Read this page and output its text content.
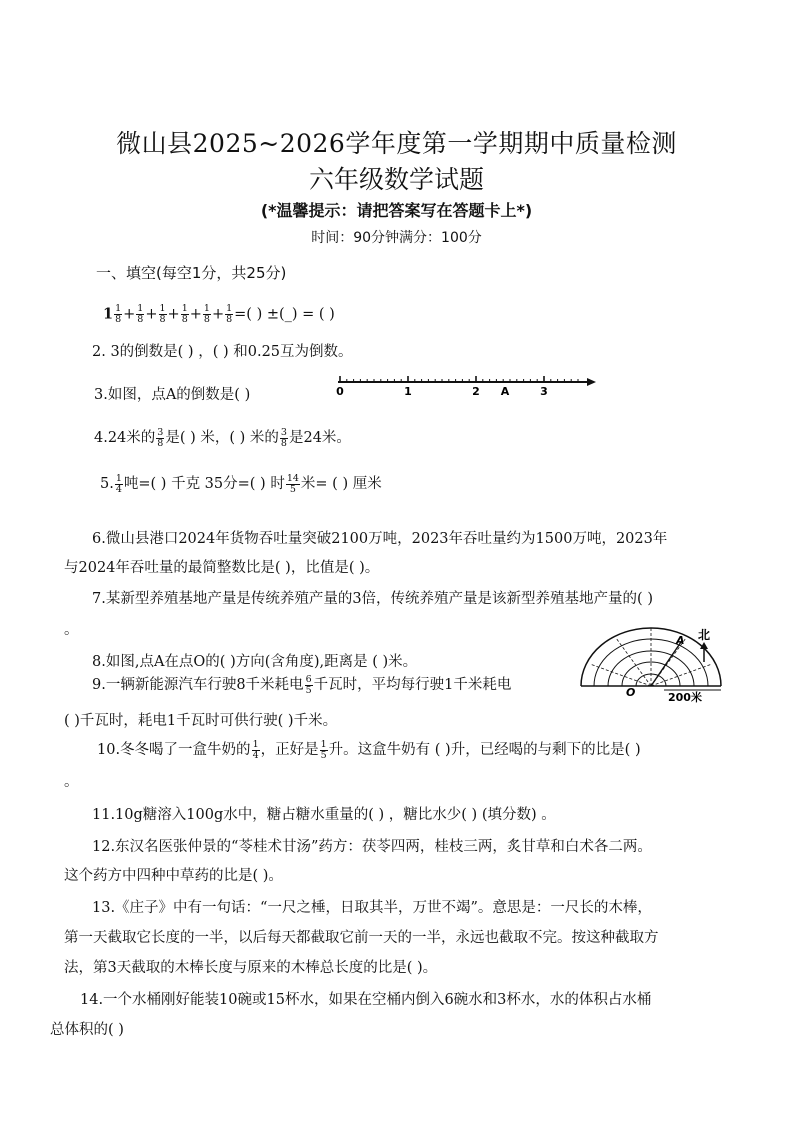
微山县2025~2026学年度第一学期期中质量检测
六年级数学试题
(*温馨提示：请把答案写在答题卡上*)
时间：90分钟满分：100分
一、填空(每空1分，共25分)
$1 \frac{1}{8} + \frac{1}{8} + \frac{1}{8} + \frac{1}{8} + \frac{1}{8} + \frac{1}{8}$ =( ) ±(_) = ( )
2. 3的倒数是( ) ，( ) 和0.25互为倒数。
3.如图，点A的倒数是( )	0	1	2 A	3
4.24米的 $\frac{3}{8}$ 是( ) 米，( ) 米的 $\frac{3}{8}$ 是24米。
5. $\frac{1}{4}$ 吨=( ) 千克 35分=( ) 时 $\frac{14}{5}$ 米= ( ) 厘米
6.微山县港口2024年货物吞吐量突破2100万吨，2023年吞吐量约为1500万吨，2023年
与2024年吞吐量的最简整数比是( )，比值是( )。
7.某新型养殖基地产量是传统养殖产量的3倍，传统养殖产量是该新型养殖基地产量的( )
。
8.如图,点A在点O的( )方向(含角度),距离是 ( )米。
9.一辆新能源汽车行驶8千米耗电 $\frac{6}{5}$ 千瓦时，平均每行驶1千米耗电
( )千瓦时，耗电1千瓦时可供行驶( )千米。
A
O	200米
北
10.冬冬喝了一盒牛奶的 $\frac{1}{4}$ ，正好是 $\frac{1}{5}$ 升。这盒牛奶有 ( )升，已经喝的与剩下的比是( )
。
11.10g糖溶入100g水中，糖占糖水重量的( ) ，糖比水少( ) (填分数) 。
12.东汉名医张仲景的“苓桂术甘汤”药方：茯苓四两，桂枝三两，炙甘草和白术各二两。
这个药方中四种中草药的比是( )。
13.《庄子》中有一句话：“一尺之棰，日取其半，万世不竭”。意思是：一尺长的木棒，
第一天截取它长度的一半，以后每天都截取它前一天的一半，永远也截取不完。按这种截取方
法，第3天截取的木棒长度与原来的木棒总长度的比是( )。
14.一个水桶刚好能装10碗或15杯水，如果在空桶内倒入6碗水和3杯水，水的体积占水桶
总体积的( )
